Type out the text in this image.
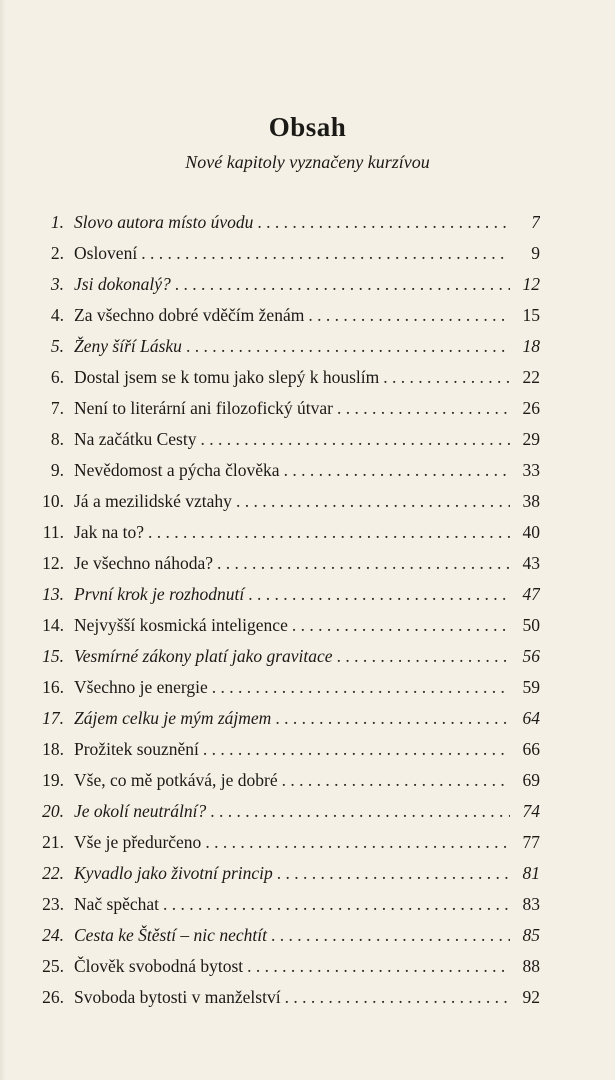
Obsah
Nové kapitoly vyznačeny kurzívou
1. Slovo autora místo úvodu . . .	7
2. Oslovení . . .	9
3. Jsi dokonalý? . . .	12
4. Za všechno dobré vděčím ženám . . .	15
5. Ženy šíří Lásku . . .	18
6. Dostal jsem se k tomu jako slepý k houslím . . .	22
7. Není to literární ani filozofický útvar . . .	26
8. Na začátku Cesty . . .	29
9. Nevědomost a pýcha člověka . . .	33
10. Já a mezilidské vztahy . . .	38
11. Jak na to? . . .	40
12. Je všechno náhoda? . . .	43
13. První krok je rozhodnutí . . .	47
14. Nejvyšší kosmická inteligence . . .	50
15. Vesmírné zákony platí jako gravitace . . .	56
16. Všechno je energie . . .	59
17. Zájem celku je mým zájmem . . .	64
18. Prožitek souznění . . .	66
19. Vše, co mě potkává, je dobré . . .	69
20. Je okolí neutrální? . . .	74
21. Vše je předurčeno . . .	77
22. Kyvadlo jako životní princip . . .	81
23. Nač spěchat . . .	83
24. Cesta ke Štěstí – nic nechtít . . .	85
25. Člověk svobodná bytost . . .	88
26. Svoboda bytosti v manželství . . .	92
